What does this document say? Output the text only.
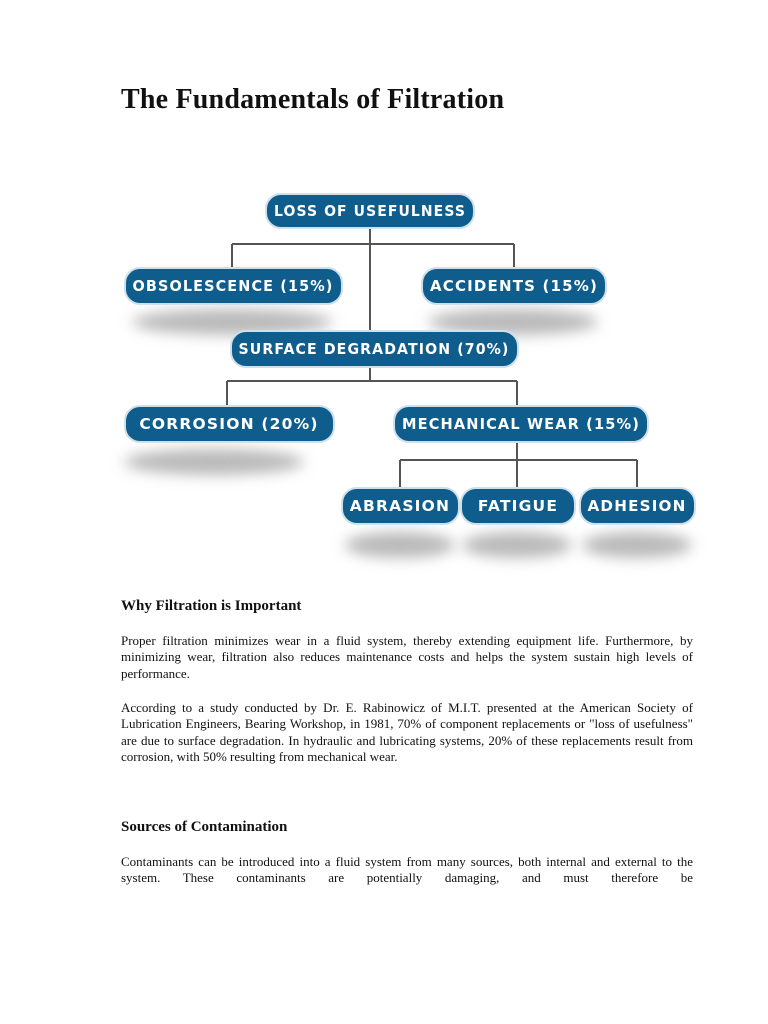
The Fundamentals of Filtration
LOSS OF USEFULNESS
OBSOLESCENCE (15%)	ACCIDENTS (15%)
SURFACE DEGRADATION (70%)
CORROSION (20%)	MECHANICAL WEAR (15%)
ABRASION FATIGUE ADHESION
Why Filtration is Important

Proper filtration minimizes wear in a fluid system, thereby extending equipment life. Furthermore, by minimizing wear, filtration also reduces maintenance costs and helps the system sustain high levels of performance.

According to a study conducted by Dr. E. Rabinowicz of M.I.T. presented at the American Society of Lubrication Engineers, Bearing Workshop, in 1981, 70% of component replacements or "loss of usefulness" are due to surface degradation. In hydraulic and lubricating systems, 20% of these replacements result from corrosion, with 50% resulting from mechanical wear.

Sources of Contamination

Contaminants can be introduced into a fluid system from many sources, both internal and external to the system. These contaminants are potentially damaging, and must therefore be
